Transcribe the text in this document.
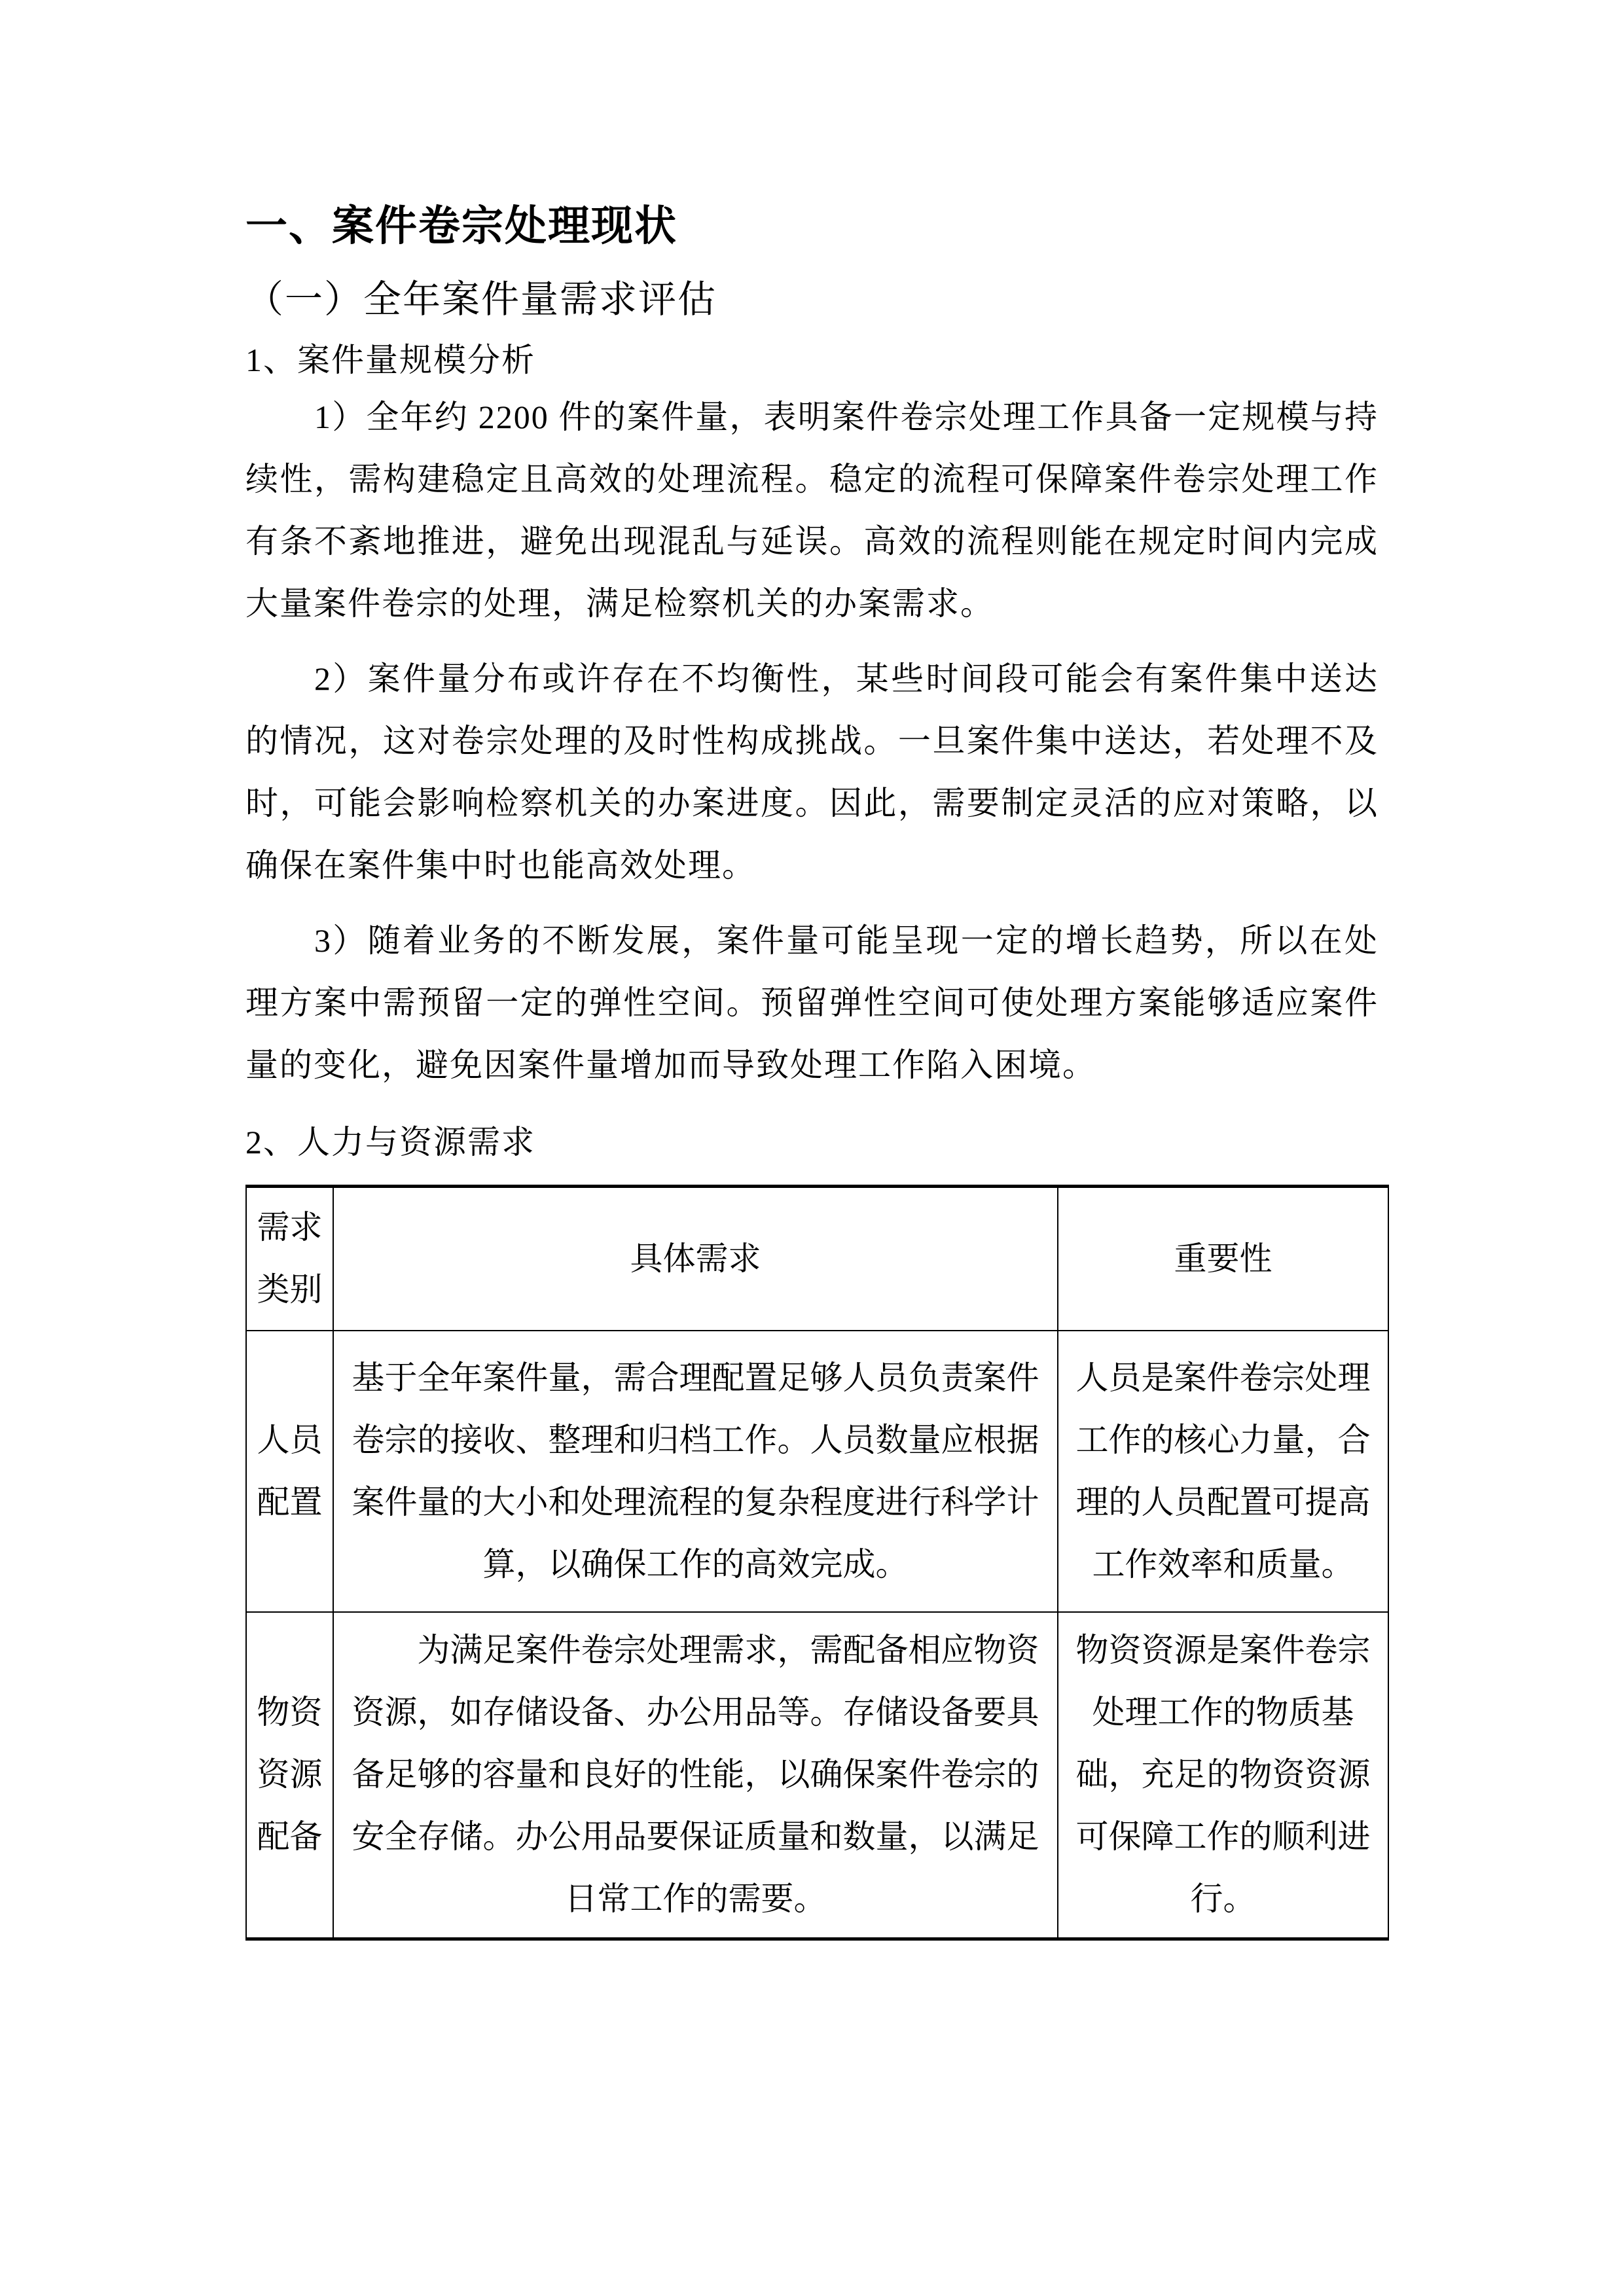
一、案件卷宗处理现状
（一）全年案件量需求评估
1、案件量规模分析

1）全年约 2200 件的案件量，表明案件卷宗处理工作具备一定规模与持续性，需构建稳定且高效的处理流程。稳定的流程可保障案件卷宗处理工作有条不紊地推进，避免出现混乱与延误。高效的流程则能在规定时间内完成大量案件卷宗的处理，满足检察机关的办案需求。

2）案件量分布或许存在不均衡性，某些时间段可能会有案件集中送达的情况，这对卷宗处理的及时性构成挑战。一旦案件集中送达，若处理不及时，可能会影响检察机关的办案进度。因此，需要制定灵活的应对策略，以确保在案件集中时也能高效处理。

3）随着业务的不断发展，案件量可能呈现一定的增长趋势，所以在处理方案中需预留一定的弹性空间。预留弹性空间可使处理方案能够适应案件量的变化，避免因案件量增加而导致处理工作陷入困境。

2、人力与资源需求
需求类别	具体需求	重要性
人员配置	基于全年案件量，需合理配置足够人员负责案件卷宗的接收、整理和归档工作。人员数量应根据案件量的大小和处理流程的复杂程度进行科学计算，以确保工作的高效完成。	人员是案件卷宗处理工作的核心力量，合理的人员配置可提高工作效率和质量。
物资资源配备	为满足案件卷宗处理需求，需配备相应物资资源，如存储设备、办公用品等。存储设备要具备足够的容量和良好的性能，以确保案件卷宗的安全存储。办公用品要保证质量和数量，以满足日常工作的需要。	物资资源是案件卷宗处理工作的物质基础，充足的物资资源可保障工作的顺利进行。
